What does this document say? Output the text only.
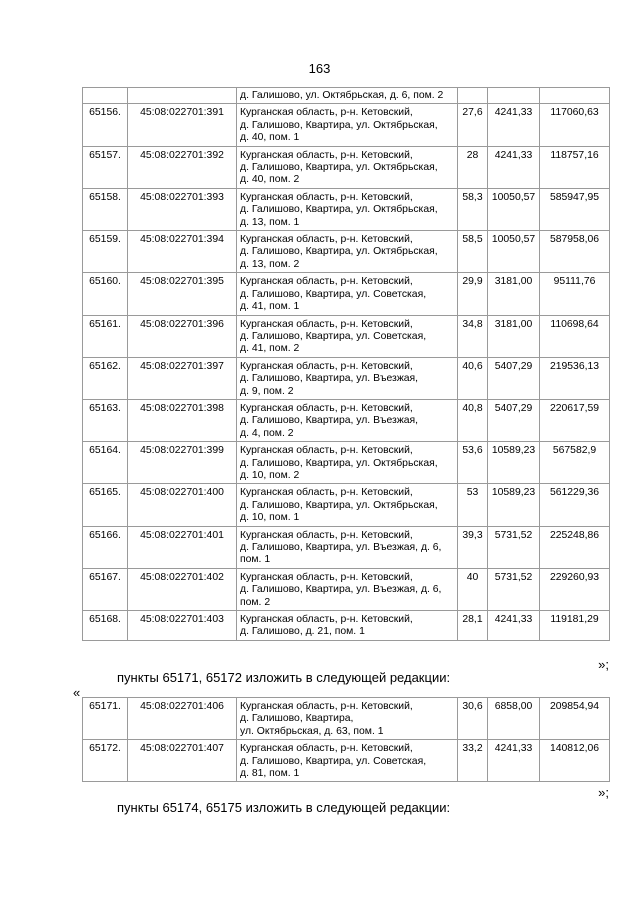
163

		д. Галишово, ул. Октябрьская, д. 6, пом. 2			

65156.	45:08:022701:391	Курганская область, р-н. Кетовский,
д. Галишово, Квартира, ул. Октябрьская,
д. 40, пом. 1	27,6	4241,33	117060,63
65157.	45:08:022701:392	Курганская область, р-н. Кетовский,
д. Галишово, Квартира, ул. Октябрьская,
д. 40, пом. 2	28	4241,33	118757,16
65158.	45:08:022701:393	Курганская область, р-н. Кетовский,
д. Галишово, Квартира, ул. Октябрьская,
д. 13, пом. 1	58,3	10050,57	585947,95
65159.	45:08:022701:394	Курганская область, р-н. Кетовский,
д. Галишово, Квартира, ул. Октябрьская,
д. 13, пом. 2	58,5	10050,57	587958,06
65160.	45:08:022701:395	Курганская область, р-н. Кетовский,
д. Галишово, Квартира, ул. Советская,
д. 41, пом. 1	29,9	3181,00	95111,76
65161.	45:08:022701:396	Курганская область, р-н. Кетовский,
д. Галишово, Квартира, ул. Советская,
д. 41, пом. 2	34,8	3181,00	110698,64
65162.	45:08:022701:397	Курганская область, р-н. Кетовский,
д. Галишово, Квартира, ул. Въезжая,
д. 9, пом. 2	40,6	5407,29	219536,13
65163.	45:08:022701:398	Курганская область, р-н. Кетовский,
д. Галишово, Квартира, ул. Въезжая,
д. 4, пом. 2	40,8	5407,29	220617,59
65164.	45:08:022701:399	Курганская область, р-н. Кетовский,
д. Галишово, Квартира, ул. Октябрьская,
д. 10, пом. 2	53,6	10589,23	567582,9
65165.	45:08:022701:400	Курганская область, р-н. Кетовский,
д. Галишово, Квартира, ул. Октябрьская,
д. 10, пом. 1	53	10589,23	561229,36
65166.	45:08:022701:401	Курганская область, р-н. Кетовский,
д. Галишово, Квартира, ул. Въезжая, д. 6,
пом. 1	39,3	5731,52	225248,86
65167.	45:08:022701:402	Курганская область, р-н. Кетовский,
д. Галишово, Квартира, ул. Въезжая, д. 6,
пом. 2	40	5731,52	229260,93
65168.	45:08:022701:403	Курганская область, р-н. Кетовский,
д. Галишово, д. 21, пом. 1	28,1	4241,33	119181,29
»;
пункты 65171, 65172 изложить в следующей редакции:
«
65171.	45:08:022701:406	Курганская область, р-н. Кетовский,
д. Галишово, Квартира,
ул. Октябрьская, д. 63, пом. 1	30,6	6858,00	209854,94
65172.	45:08:022701:407	Курганская область, р-н. Кетовский,
д. Галишово, Квартира, ул. Советская,
д. 81, пом. 1	33,2	4241,33	140812,06
»;
пункты 65174, 65175 изложить в следующей редакции:
